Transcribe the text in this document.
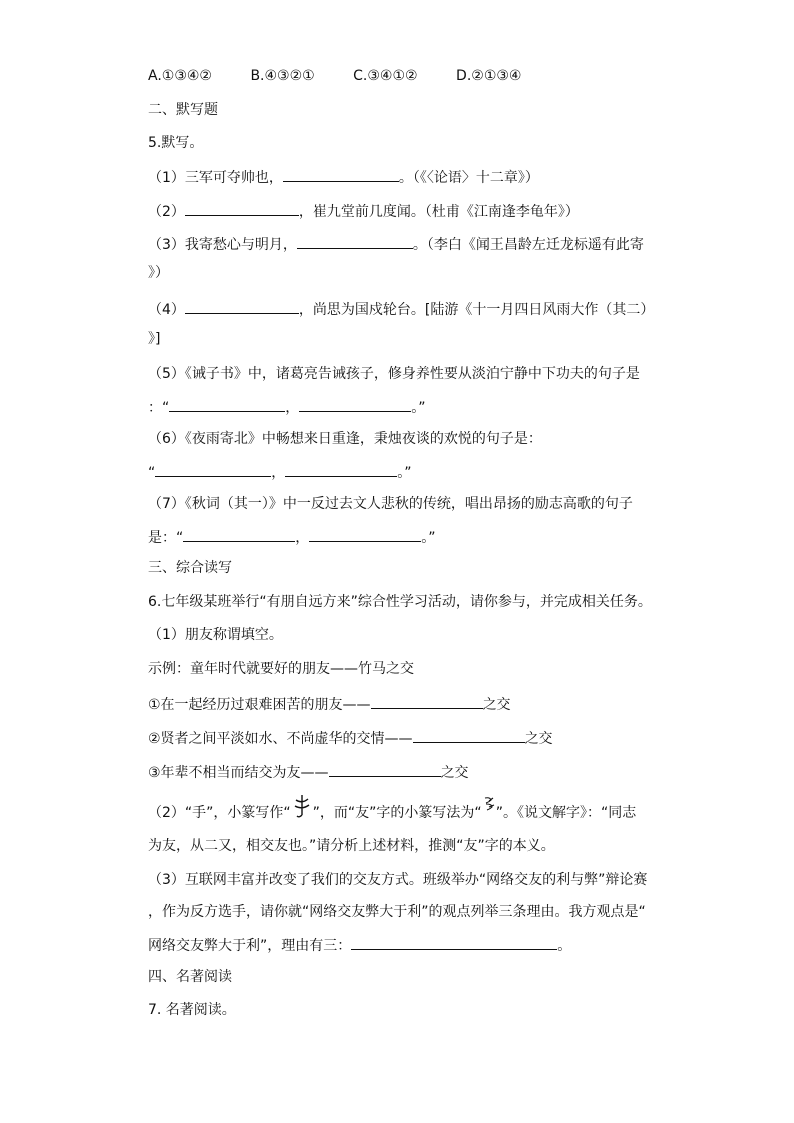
A.①③④②	B.④③②①	C.③④①②	D.②①③④
二、默写题
5.默写。
（1）三军可夺帅也，	。（《〈论语〉十二章》）
（2）	，崔九堂前几度闻。（杜甫《江南逢李龟年》）
（3）我寄愁心与明月，	。（李白《闻王昌龄左迁龙标遥有此寄
》）
（4）	，尚思为国戍轮台。[陆游《十一月四日风雨大作（其二）
》]
（5）《诫子书》中，诸葛亮告诫孩子，修身养性要从淡泊宁静中下功夫的句子是
：“	，	。”
（6）《夜雨寄北》中畅想来日重逢，秉烛夜谈的欢悦的句子是：
“	，	。”
（7）《秋词（其一）》中一反过去文人悲秋的传统，唱出昂扬的励志高歌的句子
是：“	，	。”
三、综合读写
6.七年级某班举行“有朋自远方来”综合性学习活动，请你参与，并完成相关任务。
（1）朋友称谓填空。
示例：童年时代就要好的朋友——竹马之交
①在一起经历过艰难困苦的朋友——	之交
②贤者之间平淡如水、不尚虚华的交情——	之交
③年辈不相当而结交为友——	之交
（2）“手”，小篆写作“ ”，而“友”字的小篆写法为“ ”。《说文解字》：“同志
为友，从二又，相交友也。”请分析上述材料，推测“友”字的本义。
（3）互联网丰富并改变了我们的交友方式。班级举办“网络交友的利与弊”辩论赛
，作为反方选手，请你就“网络交友弊大于利”的观点列举三条理由。我方观点是“
网络交友弊大于利”，理由有三：	。
四、名著阅读
7. 名著阅读。
